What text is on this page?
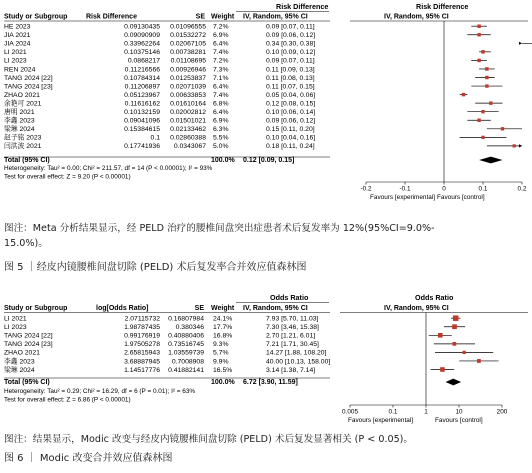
Risk Difference	Risk Difference
Study or Subgroup	Risk Difference	SE Weight IV, Random, 95% CI	IV, Random, 95% CI
HE 2023	0.09130435 0.01096555 7.2%	0.09 [0.07, 0.11]
JIA 2021	0.09090909 0.01532272 6.9%	0.09 [0.06, 0.12]
JIA 2024	0.33962264 0.02067105 6.4%	0.34 [0.30, 0.38]
LI 2021	0.10375146 0.00738281 7.4%	0.10 [0.09, 0.12]
LI 2023	0.0868217 0.01108695 7.2%	0.09 [0.07, 0.11]
REN 2024	0.11216566 0.00926946 7.3%	0.11 [0.09, 0.13]
TANG 2024 [22]	0.10784314 0.01253837 7.1%	0.11 [0.08, 0.13]
TANG 2024 [23]	0.11206897 0.02071039 6.4%	0.11 [0.07, 0.15]
ZHAO 2021	0.05123967 0.00633853 7.4%	0.05 [0.04, 0.06]
余艳可 2021	0.11616162 0.01610164 6.8%	0.12 [0.08, 0.15]
唐明 2021	0.10132159 0.02002812 6.4%	0.10 [0.06, 0.14]
李鑫 2023	0.09041096 0.01501021 6.9%	0.09 [0.06, 0.12]
梁琳 2024	0.15384615 0.02133462 6.3%	0.15 [0.11, 0.20]
赵子铭 2023	0.1 0.02860388 5.5%	0.10 [0.04, 0.16]
闫洪波 2021	0.17741936 0.0343067 5.0%	0.18 [0.11, 0.24]
Total (95% CI)	100.0% 0.12 [0.09, 0.15]
Heterogeneity: Tau² = 0.00; Chi² = 211.57, df = 14 (P < 0.00001); I² = 93%
Test for overall effect: Z = 9.20 (P < 0.00001)
-0.2	-0.1	0	0.1	0.2
Favours [experimental] Favours [control]
Odds Ratio	Odds Ratio
Study or Subgroup	log[Odds Ratio]	SE Weight IV, Random, 95% CI	IV, Random, 95% CI
LI 2021	2.07115732 0.16807984 24.1%	7.93 [5.70, 11.03]
LI 2023	1.98787435 0.380346 17.7%	7.30 [3.46, 15.38]
TANG 2024 [22]	0.99176919 0.40880406 16.8%	2.70 [1.21, 6.01]
TANG 2024 [23]	1.97505278 0.73516745 9.3%	7.21 [1.71, 30.45]
ZHAO 2021	2.65815943 1.03559739 5.7%	14.27 [1.88, 108.20]
李鑫 2023	3.68887945 0.7008908 9.9%	40.00 [10.13, 158.00]
梁琳 2024	1.14517776 0.41882141 16.5%	3.14 [1.38, 7.14]
Total (95% CI)	100.0% 6.72 [3.90, 11.59]
Heterogeneity: Tau² = 0.29; Chi² = 16.29, df = 6 (P = 0.01); I² = 63%
Test for overall effect: Z = 6.86 (P < 0.00001)
0.005	0.1	1	10	200
Favours [experimental]	Favours [control]
图注：Meta 分析结果显示，经 PELD 治疗的腰椎间盘突出症患者术后复发率为 12%(95%CI=9.0%-
15.0%)。
图 5 ｜经皮内镜腰椎间盘切除 (PELD) 术后复发率合并效应值森林图
图注：结果显示，Modic 改变与经皮内镜腰椎间盘切除 (PELD) 术后复发显著相关 (P < 0.05)。
图 6 ｜ Modic 改变合并效应值森林图
